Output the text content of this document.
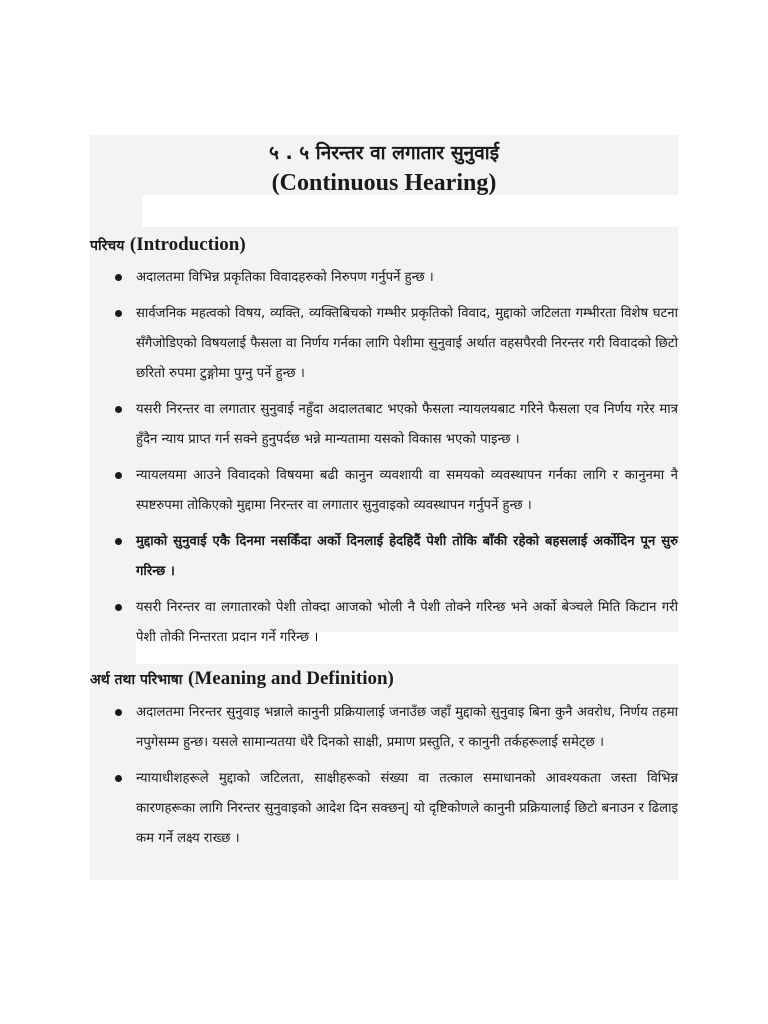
५ . ५ निरन्तर वा लगातार सुनुवाई
(Continuous Hearing)
परिचय (Introduction)
अदालतमा विभिन्न प्रकृतिका विवादहरुको निरुपण गर्नुपर्ने हुन्छ ।
सार्वजनिक महत्वको विषय, व्यक्ति, व्यक्तिबिचको गम्भीर प्रकृतिको विवाद, मुद्दाको जटिलता गम्भीरता विशेष घटना सँगैजोडिएको विषयलाई फैसला वा निर्णय गर्नका लागि पेशीमा सुनुवाई अर्थात वहसपैरवी निरन्तर गरी विवादको छिटो छरितो रुपमा टुङ्गोमा पुग्नु पर्ने हुन्छ ।
यसरी निरन्तर वा लगातार सुनुवाई नहुँदा अदालतबाट भएको फैसला न्यायलयबाट गरिने फैसला एव निर्णय गरेर मात्र हुँदैन न्याय प्राप्त गर्न सक्ने हुनुपर्दछ भन्ने मान्यतामा यसको विकास भएको पाइन्छ ।
न्यायलयमा आउने विवादको विषयमा बढी कानुन व्यवशायी वा समयको व्यवस्थापन गर्नका लागि र कानुनमा नै स्पष्टरुपमा तोकिएको मुद्दामा निरन्तर वा लगातार सुनुवाइको व्यवस्थापन गर्नुपर्ने हुन्छ ।
मुद्दाको सुनुवाई एकै दिनमा नसकिँदा अर्को दिनलाई हेदहिदैं पेशी तोकि बाँकी रहेको बहसलाई अर्कोदिन पून सुरु गरिन्छ ।
यसरी निरन्तर वा लगातारको पेशी तोक्दा आजको भोली नै पेशी तोक्ने गरिन्छ भने अर्को बेञ्चले मिति किटान गरी पेशी तोकी निन्तरता प्रदान गर्ने गरिन्छ ।
अर्थ तथा परिभाषा (Meaning and Definition)
अदालतमा निरन्तर सुनुवाइ भन्नाले कानुनी प्रक्रियालाई जनाउँछ जहाँ मुद्दाको सुनुवाइ बिना कुनै अवरोध, निर्णय तहमा नपुगेसम्म हुन्छ। यसले सामान्यतया धेरै दिनको साक्षी, प्रमाण प्रस्तुति, र कानुनी तर्कहरूलाई समेट्छ ।
न्यायाधीशहरूले मुद्दाको जटिलता, साक्षीहरूको संख्या वा तत्काल समाधानको आवश्यकता जस्ता विभिन्न कारणहरूका लागि निरन्तर सुनुवाइको आदेश दिन सक्छन्| यो दृष्टिकोणले कानुनी प्रक्रियालाई छिटो बनाउन र ढिलाइ कम गर्ने लक्ष्य राख्छ ।
